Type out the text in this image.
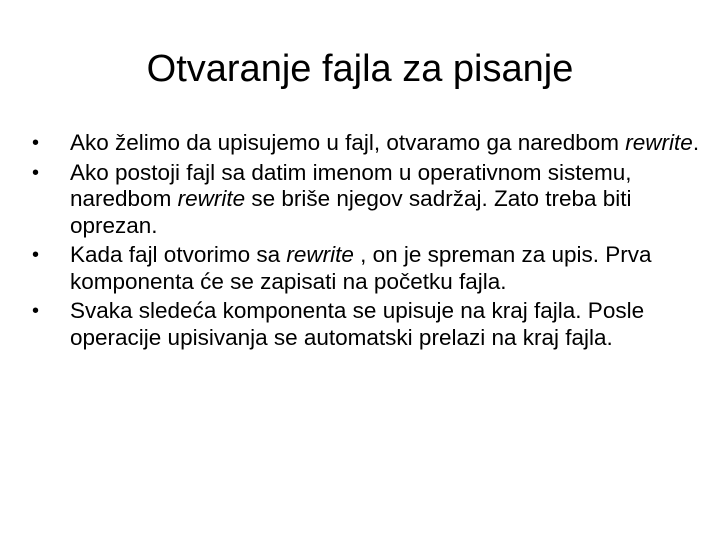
Otvaranje fajla za pisanje
•	Ako želimo da upisujemo u fajl, otvaramo ga naredbom rewrite.
•	Ako postoji fajl sa datim imenom u operativnom sistemu, naredbom rewrite se briše njegov sadržaj. Zato treba biti oprezan.
•	Kada fajl otvorimo sa rewrite , on je spreman za upis. Prva komponenta će se zapisati na početku fajla.
•	Svaka sledeća komponenta se upisuje na kraj fajla. Posle operacije upisivanja se automatski prelazi na kraj fajla.
